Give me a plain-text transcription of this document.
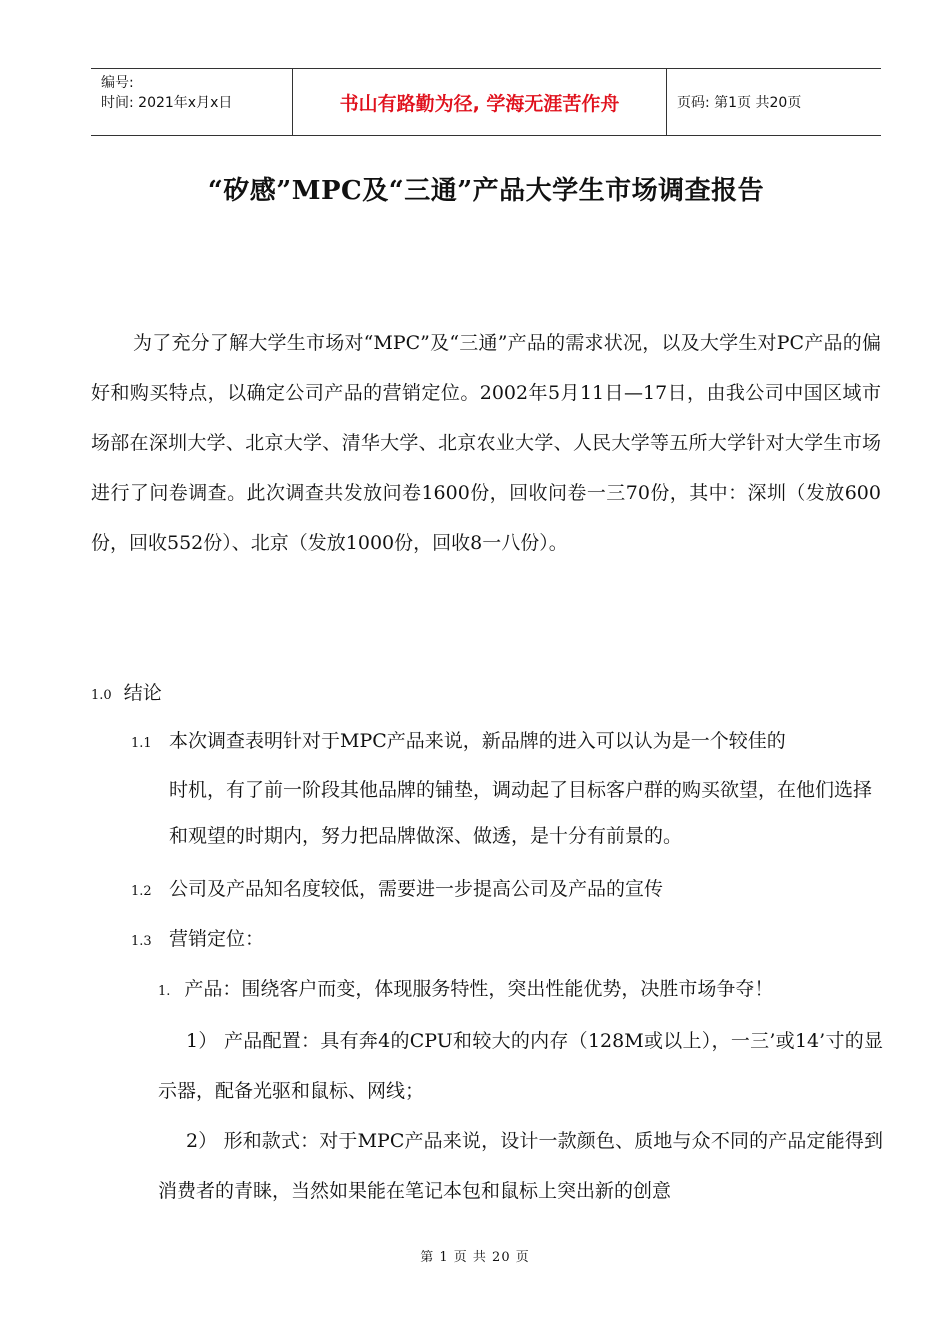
编号:
时间: 2021年x月x日	书山有路勤为径, 学海无涯苦作舟	页码: 第1页 共20页
“矽感”MPC及“三通”产品大学生市场调查报告
为了充分了解大学生市场对“MPC”及“三通”产品的需求状况，以及大学生对PC产品的偏好和购买特点，以确定公司产品的营销定位。2002年5月11日—17日，由我公司中国区域市场部在深圳大学、北京大学、清华大学、北京农业大学、人民大学等五所大学针对大学生市场进行了问卷调查。此次调查共发放问卷1600份，回收问卷一三70份，其中：深圳（发放600份，回收552份）、北京（发放1000份，回收8一八份）。
1.0 结论
1.1 本次调查表明针对于MPC产品来说，新品牌的进入可以认为是一个较佳的
时机，有了前一阶段其他品牌的铺垫，调动起了目标客户群的购买欲望，在他们选择和观望的时期内，努力把品牌做深、做透，是十分有前景的。
1.2 公司及产品知名度较低，需要进一步提高公司及产品的宣传
1.3 营销定位：
1. 产品：围绕客户而变，体现服务特性，突出性能优势，决胜市场争夺！
1） 产品配置：具有奔4的CPU和较大的内存（128M或以上），一三’或14’寸的显示器，配备光驱和鼠标、网线；
2） 形和款式：对于MPC产品来说，设计一款颜色、质地与众不同的产品定能得到消费者的青睐，当然如果能在笔记本包和鼠标上突出新的创意
第 1 页 共 20 页
